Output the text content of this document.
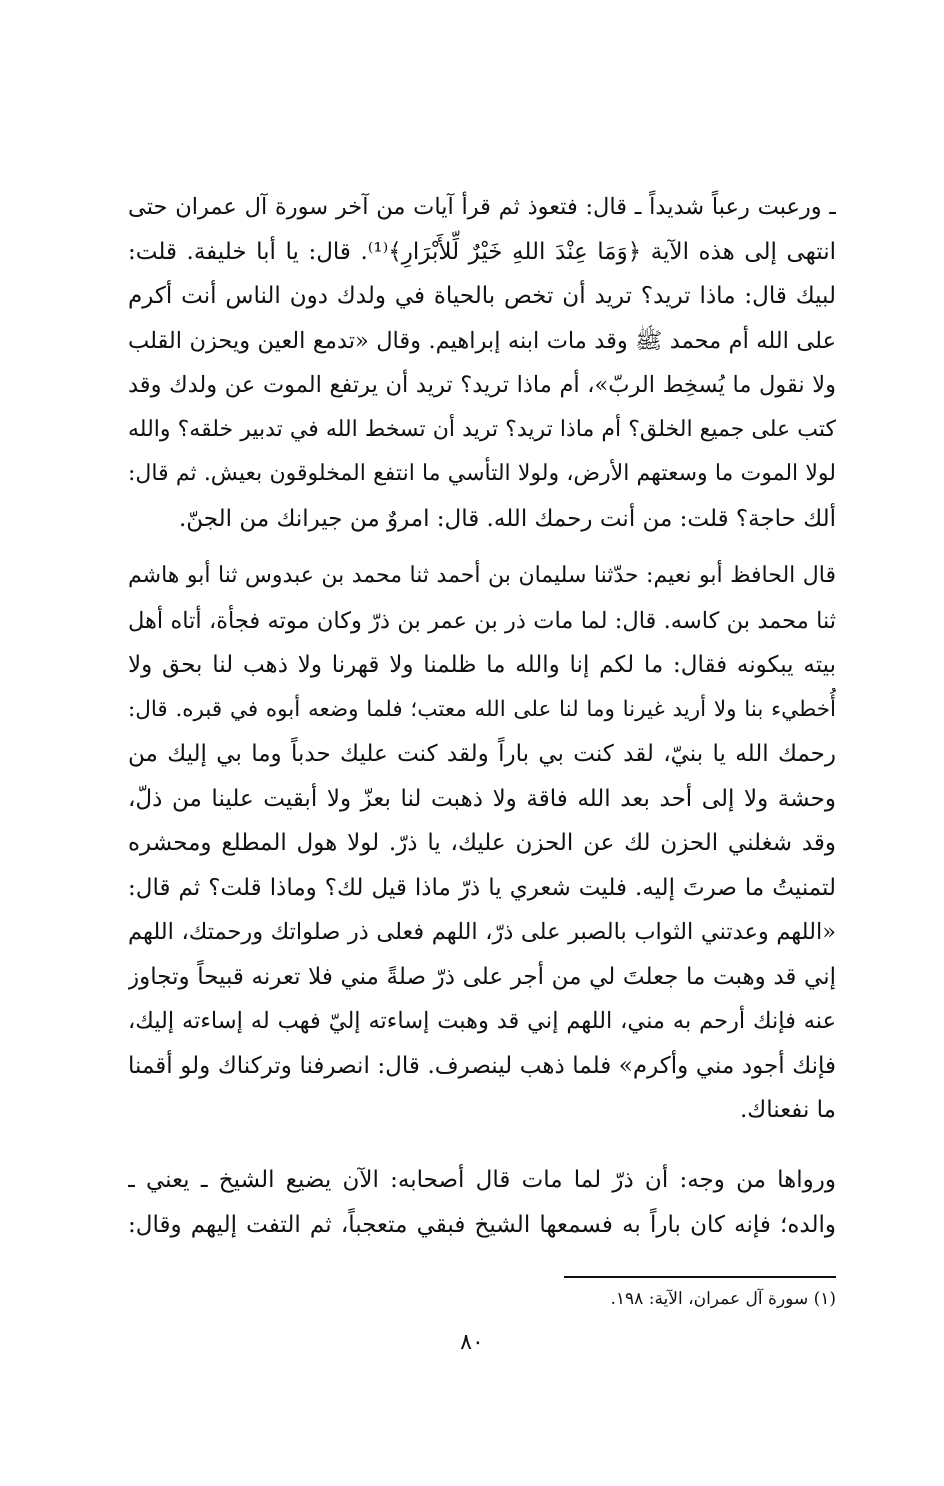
ـ ورعبت رعباً شديداً ـ قال: فتعوذ ثم قرأ آيات من آخر سورة آل عمران حتى
انتهى إلى هذه الآية ﴿وَمَا عِنْدَ اللهِ خَيْرٌ لِّلأَبْرَارِ﴾⁽¹⁾. قال: يا أبا خليفة. قلت:
لبيك قال: ماذا تريد؟ تريد أن تخص بالحياة في ولدك دون الناس أنت أكرم
على الله أم محمد ﷺ وقد مات ابنه إبراهيم. وقال «تدمع العين ويحزن القلب
ولا نقول ما يُسخِط الربّ»، أم ماذا تريد؟ تريد أن يرتفع الموت عن ولدك وقد
كتب على جميع الخلق؟ أم ماذا تريد؟ تريد أن تسخط الله في تدبير خلقه؟ والله
لولا الموت ما وسعتهم الأرض، ولولا التأسي ما انتفع المخلوقون بعيش. ثم قال:
ألك حاجة؟ قلت: من أنت رحمك الله. قال: امروٌ من جيرانك من الجنّ.
قال الحافظ أبو نعيم: حدّثنا سليمان بن أحمد ثنا محمد بن عبدوس ثنا أبو هاشم
ثنا محمد بن كاسه. قال: لما مات ذر بن عمر بن ذرّ وكان موته فجأة، أتاه أهل
بيته يبكونه فقال: ما لكم إنا والله ما ظلمنا ولا قهرنا ولا ذهب لنا بحق ولا
أُخطيء بنا ولا أريد غيرنا وما لنا على الله معتب؛ فلما وضعه أبوه في قبره. قال:
رحمك الله يا بنيّ، لقد كنت بي باراً ولقد كنت عليك حدباً وما بي إليك من
وحشة ولا إلى أحد بعد الله فاقة ولا ذهبت لنا بعزّ ولا أبقيت علينا من ذلّ،
وقد شغلني الحزن لك عن الحزن عليك، يا ذرّ. لولا هول المطلع ومحشره
لتمنيتُ ما صرتَ إليه. فليت شعري يا ذرّ ماذا قيل لك؟ وماذا قلت؟ ثم قال:
«اللهم وعدتني الثواب بالصبر على ذرّ، اللهم فعلى ذر صلواتك ورحمتك، اللهم
إني قد وهبت ما جعلتَ لي من أجر على ذرّ صلةً مني فلا تعرنه قبيحاً وتجاوز
عنه فإنك أرحم به مني، اللهم إني قد وهبت إساءته إليّ فهب له إساءته إليك،
فإنك أجود مني وأكرم» فلما ذهب لينصرف. قال: انصرفنا وتركناك ولو أقمنا
ما نفعناك.
ورواها من وجه: أن ذرّ لما مات قال أصحابه: الآن يضيع الشيخ ـ يعني ـ
والده؛ فإنه كان باراً به فسمعها الشيخ فبقي متعجباً، ثم التفت إليهم وقال:
(١) سورة آل عمران، الآية: ١٩٨.
٨٠
